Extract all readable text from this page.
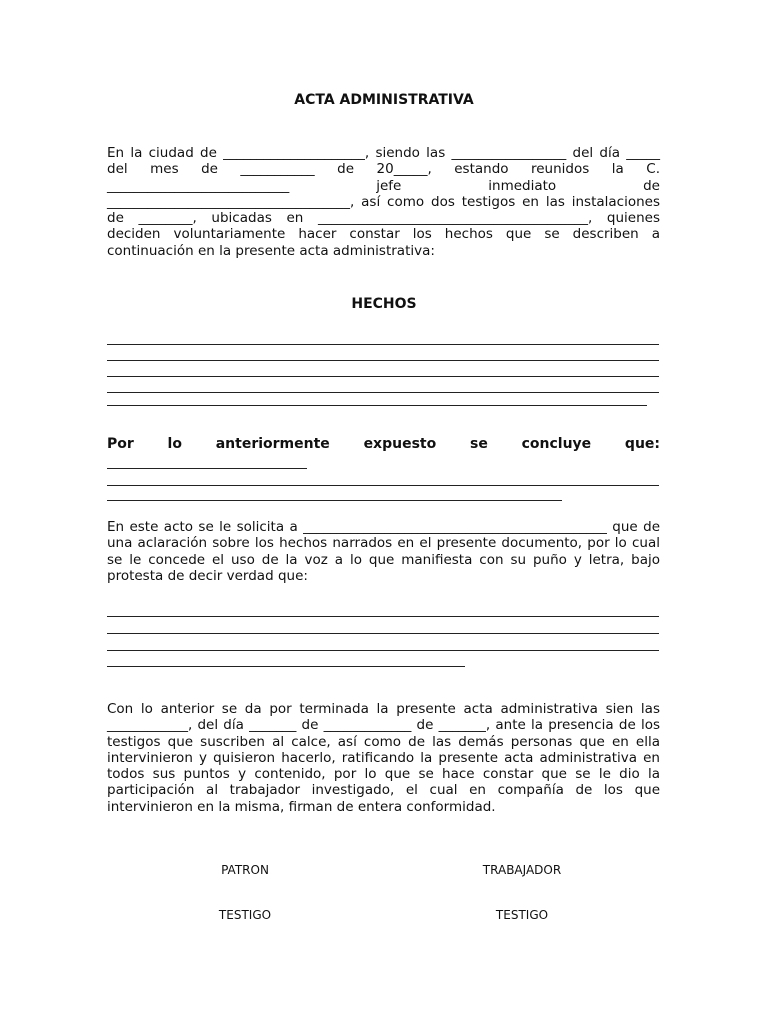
ACTA ADMINISTRATIVA

En la ciudad de _____________________, siendo las _________________ del día _____ del mes de ___________ de 20_____, estando reunidos la C. ___________________________ jefe inmediato de ____________________________________, así como dos testigos en las instalaciones de ________, ubicadas en ________________________________________, quienes deciden voluntariamente hacer constar los hechos que se describen a continuación en la presente acta administrativa:

HECHOS

Por lo anteriormente expuesto se concluye que:

En este acto se le solicita a _____________________________________________ que de una aclaración sobre los hechos narrados en el presente documento, por lo cual se le concede el uso de la voz a lo que manifiesta con su puño y letra, bajo protesta de decir verdad que:

Con lo anterior se da por terminada la presente acta administrativa sien las ____________, del día _______ de _____________ de _______, ante la presencia de los testigos que suscriben al calce, así como de las demás personas que en ella intervinieron y quisieron hacerlo, ratificando la presente acta administrativa en todos sus puntos y contenido, por lo que se hace constar que se le dio la participación al trabajador investigado, el cual en compañía de los que intervinieron en la misma, firman de entera conformidad.

PATRON	TRABAJADOR

TESTIGO	TESTIGO
